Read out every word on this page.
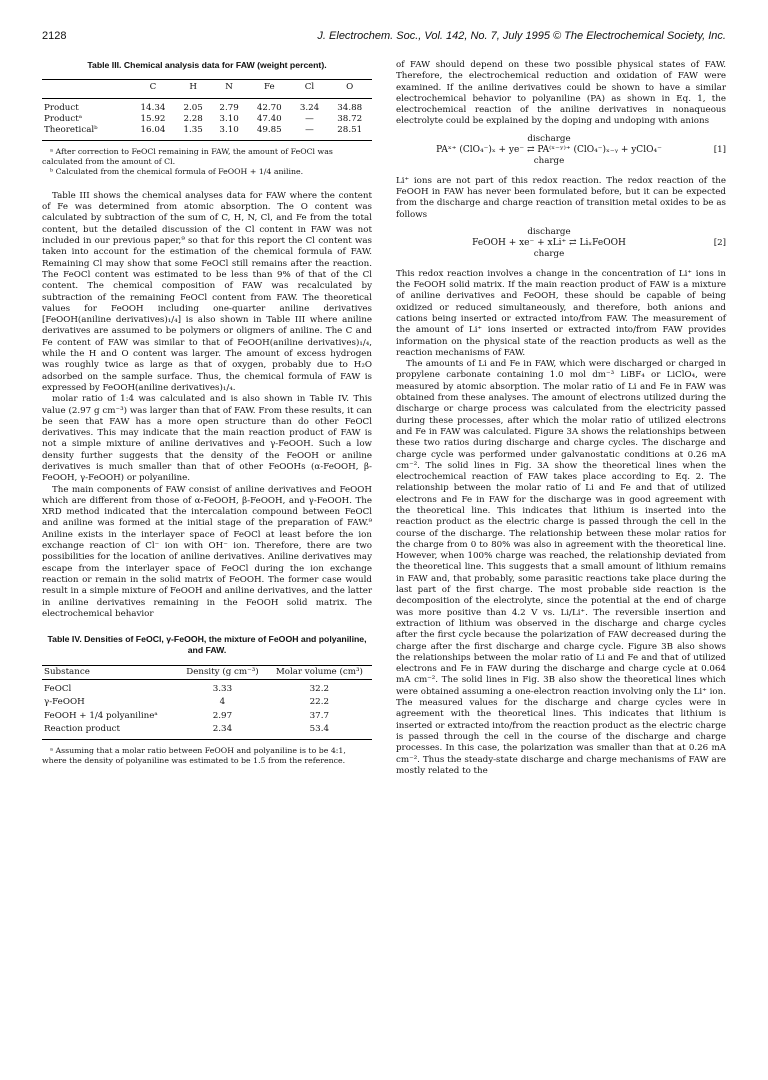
2128	J. Electrochem. Soc., Vol. 142, No. 7, July 1995 © The Electrochemical Society, Inc.
Table III. Chemical analysis data for FAW (weight percent).
	C	H	N	Fe	Cl	O
Product	14.34	2.05	2.79	42.70	3.24	34.88
Productᵃ	15.92	2.28	3.10	47.40	—	38.72
Theoreticalᵇ	16.04	1.35	3.10	49.85	—	28.51

ᵃ After correction to FeOCl remaining in FAW, the amount of FeOCl was calculated from the amount of Cl.

ᵇ Calculated from the chemical formula of FeOOH + 1/4 aniline.

Table III shows the chemical analyses data for FAW where the content of Fe was determined from atomic absorption. The O content was calculated by subtraction of the sum of C, H, N, Cl, and Fe from the total content, but the detailed discussion of the Cl content in FAW was not included in our previous paper,⁹ so that for this report the Cl content was taken into account for the estimation of the chemical formula of FAW. Remaining Cl may show that some FeOCl still remains after the reaction. The FeOCl content was estimated to be less than 9% of that of the Cl content. The chemical composition of FAW was recalculated by subtraction of the remaining FeOCl content from FAW. The theoretical values for FeOOH including one-quarter aniline derivatives [FeOOH(aniline derivatives)₁/₄] is also shown in Table III where aniline derivatives are assumed to be polymers or oligmers of aniline. The C and Fe content of FAW was similar to that of FeOOH(aniline derivatives)₁/₄, while the H and O content was larger. The amount of excess hydrogen was roughly twice as large as that of oxygen, probably due to H₂O adsorbed on the sample surface. Thus, the chemical formula of FAW is expressed by FeOOH(aniline derivatives)₁/₄.

molar ratio of 1:4 was calculated and is also shown in Table IV. This value (2.97 g cm⁻³) was larger than that of FAW. From these results, it can be seen that FAW has a more open structure than do other FeOCl derivatives. This may indicate that the main reaction product of FAW is not a simple mixture of aniline derivatives and γ-FeOOH. Such a low density further suggests that the density of the FeOOH or aniline derivatives is much smaller than that of other FeOOHs (α-FeOOH, β-FeOOH, γ-FeOOH) or polyaniline.

The main components of FAW consist of aniline derivatives and FeOOH which are different from those of α-FeOOH, β-FeOOH, and γ-FeOOH. The XRD method indicated that the intercalation compound between FeOCl and aniline was formed at the initial stage of the preparation of FAW.⁹ Aniline exists in the interlayer space of FeOCl at least before the ion exchange reaction of Cl⁻ ion with OH⁻ ion. Therefore, there are two possibilities for the location of aniline derivatives. Aniline derivatives may escape from the interlayer space of FeOCl during the ion exchange reaction or remain in the solid matrix of FeOOH. The former case would result in a simple mixture of FeOOH and aniline derivatives, and the latter in aniline derivatives remaining in the FeOOH solid matrix. The electrochemical behavior

Table IV. Densities of FeOCl, γ-FeOOH, the mixture of FeOOH and polyaniline, and FAW.
Substance	Density (g cm⁻³)	Molar volume (cm³)
FeOCl	3.33	32.2
γ-FeOOH	4	22.2
FeOOH + 1/4 polyanilineᵃ	2.97	37.7
Reaction product	2.34	53.4

ᵃ Assuming that a molar ratio between FeOOH and polyaniline is to be 4:1, where the density of polyaniline was estimated to be 1.5 from the reference.

of FAW should depend on these two possible physical states of FAW. Therefore, the electrochemical reduction and oxidation of FAW were examined. If the aniline derivatives could be shown to have a similar electrochemical behavior to polyaniline (PA) as shown in Eq. 1, the electrochemical reaction of the aniline derivatives in nonaqueous electrolyte could be explained by the doping and undoping with anions

discharge
PAˣ⁺ (ClO₄⁻)ₓ + ye⁻ ⇄ PA⁽ˣ⁻ʸ⁾⁺ (ClO₄⁻)ₓ₋ᵧ + yClO₄⁻
charge
[1]

Li⁺ ions are not part of this redox reaction. The redox reaction of the FeOOH in FAW has never been formulated before, but it can be expected from the discharge and charge reaction of transition metal oxides to be as follows

discharge
FeOOH + xe⁻ + xLi⁺ ⇄ LiₓFeOOH
charge
[2]

This redox reaction involves a change in the concentration of Li⁺ ions in the FeOOH solid matrix. If the main reaction product of FAW is a mixture of aniline derivatives and FeOOH, these should be capable of being oxidized or reduced simultaneously, and therefore, both anions and cations being inserted or extracted into/from FAW. The measurement of the amount of Li⁺ ions inserted or extracted into/from FAW provides information on the physical state of the reaction products as well as the reaction mechanisms of FAW.

The amounts of Li and Fe in FAW, which were discharged or charged in propylene carbonate containing 1.0 mol dm⁻³ LiBF₄ or LiClO₄, were measured by atomic absorption. The molar ratio of Li and Fe in FAW was obtained from these analyses. The amount of electrons utilized during the discharge or charge process was calculated from the electricity passed during these processes, after which the molar ratio of utilized electrons and Fe in FAW was calculated. Figure 3A shows the relationships between these two ratios during discharge and charge cycles. The discharge and charge cycle was performed under galvanostatic conditions at 0.26 mA cm⁻². The solid lines in Fig. 3A show the theoretical lines when the electrochemical reaction of FAW takes place according to Eq. 2. The relationship between the molar ratio of Li and Fe and that of utilized electrons and Fe in FAW for the discharge was in good agreement with the theoretical line. This indicates that lithium is inserted into the reaction product as the electric charge is passed through the cell in the course of the discharge. The relationship between these molar ratios for the charge from 0 to 80% was also in agreement with the theoretical line. However, when 100% charge was reached, the relationship deviated from the theoretical line. This suggests that a small amount of lithium remains in FAW and, that probably, some parasitic reactions take place during the last part of the first charge. The most probable side reaction is the decomposition of the electrolyte, since the potential at the end of charge was more positive than 4.2 V vs. Li/Li⁺. The reversible insertion and extraction of lithium was observed in the discharge and charge cycles after the first cycle because the polarization of FAW decreased during the charge after the first discharge and charge cycle. Figure 3B also shows the relationships between the molar ratio of Li and Fe and that of utilized electrons and Fe in FAW during the discharge and charge cycle at 0.064 mA cm⁻². The solid lines in Fig. 3B also show the theoretical lines which were obtained assuming a one-electron reaction involving only the Li⁺ ion. The measured values for the discharge and charge cycles were in agreement with the theoretical lines. This indicates that lithium is inserted or extracted into/from the reaction product as the electric charge is passed through the cell in the course of the discharge and charge processes. In this case, the polarization was smaller than that at 0.26 mA cm⁻². Thus the steady-state discharge and charge mechanisms of FAW are mostly related to the
